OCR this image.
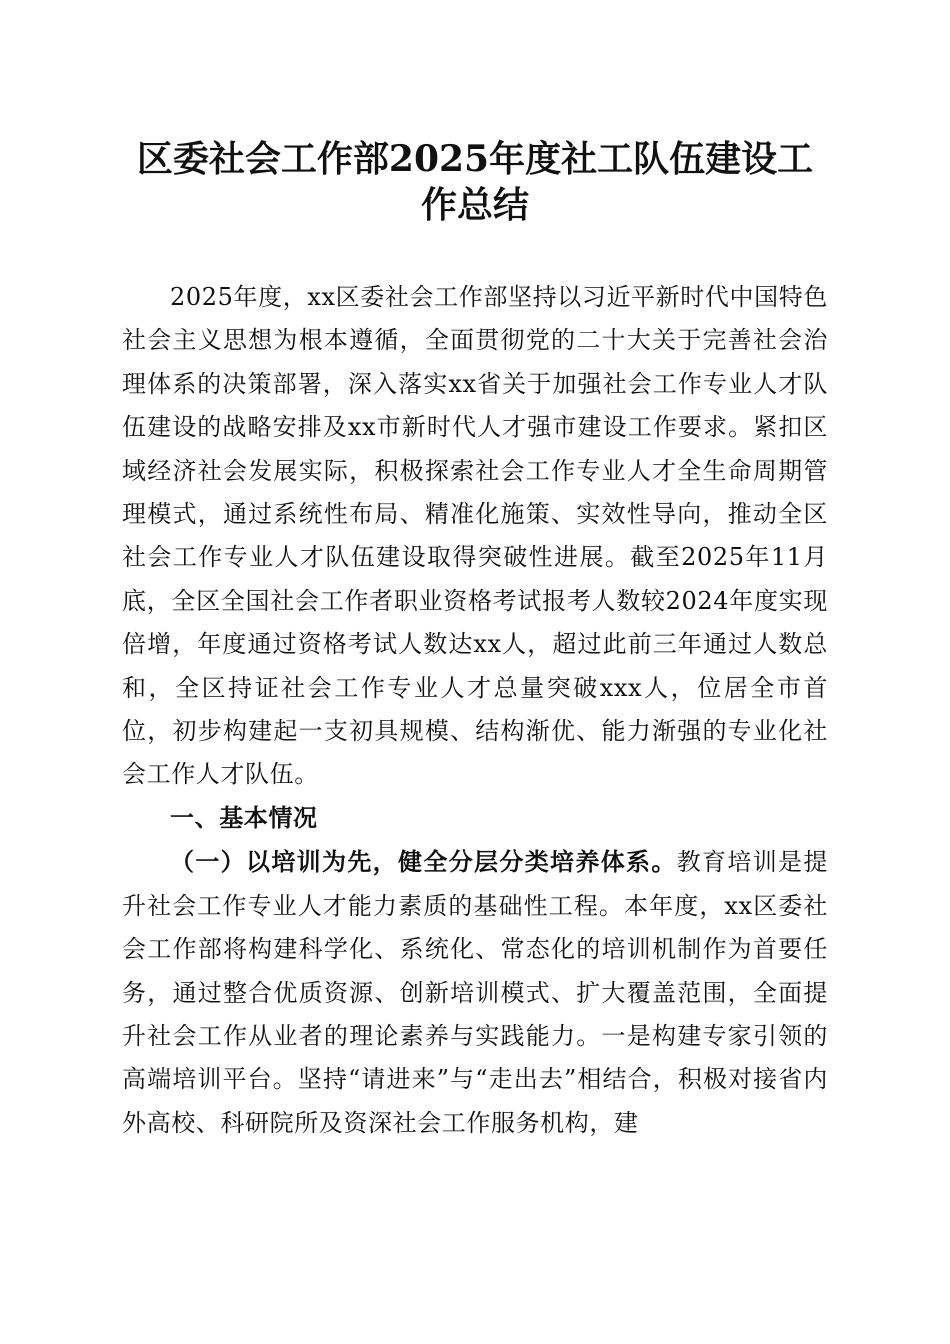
区委社会工作部2025年度社工队伍建设工作总结

2025年度，xx区委社会工作部坚持以习近平新时代中国特色社会主义思想为根本遵循，全面贯彻党的二十大关于完善社会治理体系的决策部署，深入落实xx省关于加强社会工作专业人才队伍建设的战略安排及xx市新时代人才强市建设工作要求。紧扣区域经济社会发展实际，积极探索社会工作专业人才全生命周期管理模式，通过系统性布局、精准化施策、实效性导向，推动全区社会工作专业人才队伍建设取得突破性进展。截至2025年11月底，全区全国社会工作者职业资格考试报考人数较2024年度实现倍增，年度通过资格考试人数达xx人，超过此前三年通过人数总和，全区持证社会工作专业人才总量突破xxx人，位居全市首位，初步构建起一支初具规模、结构渐优、能力渐强的专业化社会工作人才队伍。

一、基本情况

（一）以培训为先，健全分层分类培养体系。教育培训是提升社会工作专业人才能力素质的基础性工程。本年度，xx区委社会工作部将构建科学化、系统化、常态化的培训机制作为首要任务，通过整合优质资源、创新培训模式、扩大覆盖范围，全面提升社会工作从业者的理论素养与实践能力。一是构建专家引领的高端培训平台。坚持“请进来”与“走出去”相结合，积极对接省内外高校、科研院所及资深社会工作服务机构，建
